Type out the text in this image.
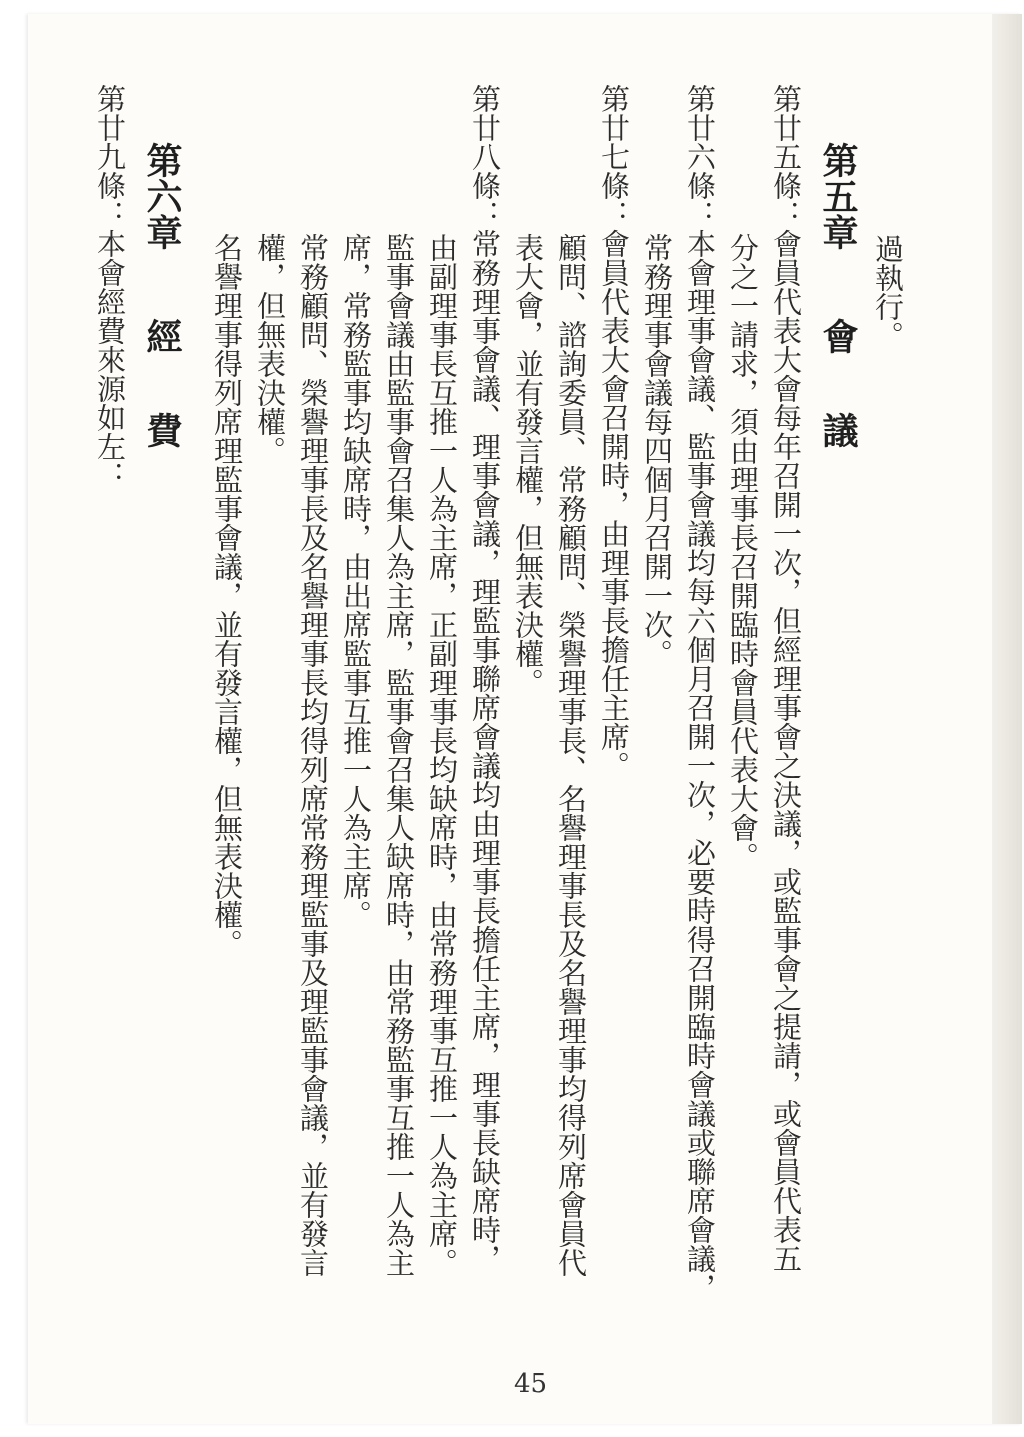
過執行。
第五章會議
第廿五條：會員代表大會每年召開一次，但經理事會之決議，或監事會之提請，或會員代表五
分之一請求，須由理事長召開臨時會員代表大會。
第廿六條：本會理事會議、監事會議均每六個月召開一次，必要時得召開臨時會議或聯席會議，
常務理事會議每四個月召開一次。
第廿七條：會員代表大會召開時，由理事長擔任主席。
顧問、諮詢委員、常務顧問、榮譽理事長、名譽理事長及名譽理事均得列席會員代
表大會，並有發言權，但無表決權。
第廿八條：常務理事會議、理事會議，理監事聯席會議均由理事長擔任主席，理事長缺席時，
由副理事長互推一人為主席，正副理事長均缺席時，由常務理事互推一人為主席。
監事會議由監事會召集人為主席，監事會召集人缺席時，由常務監事互推一人為主
席，常務監事均缺席時，由出席監事互推一人為主席。
常務顧問、榮譽理事長及名譽理事長均得列席常務理監事及理監事會議，並有發言
權，但無表決權。
名譽理事得列席理監事會議，並有發言權，但無表決權。
第六章經費
第廿九條：本會經費來源如左：
45
